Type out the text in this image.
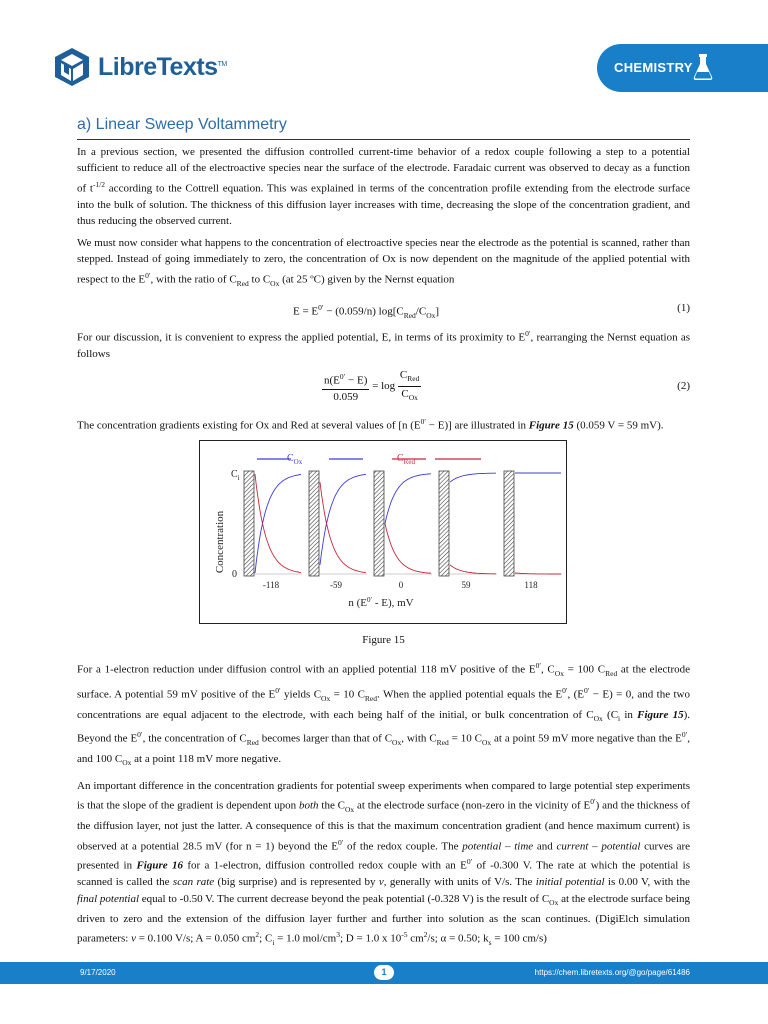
LibreTexts™	CHEMISTRY
a) Linear Sweep Voltammetry

In a previous section, we presented the diffusion controlled current-time behavior of a redox couple following a step to a potential sufficient to reduce all of the electroactive species near the surface of the electrode. Faradaic current was observed to decay as a function of $t^{-1/2}$ according to the Cottrell equation. This was explained in terms of the concentration profile extending from the electrode surface into the bulk of solution. The thickness of this diffusion layer increases with time, decreasing the slope of the concentration gradient, and thus reducing the observed current.

We must now consider what happens to the concentration of electroactive species near the electrode as the potential is scanned, rather than stepped. Instead of going immediately to zero, the concentration of Ox is now dependent on the magnitude of the applied potential with respect to the $E^{0'}$, with the ratio of $C_{Red}$ to $C_{Ox}$ (at 25 ºC) given by the Nernst equation

$E = E^{0'} - (0.059/n)$ $\log[C_{Red}/C_{Ox}]$	(1)

For our discussion, it is convenient to express the applied potential, E, in terms of its proximity to $E^{0'}$, rearranging the Nernst equation as follows

$\frac{n(E^{0'} - E)}{0.059} = \log \frac{C_{Red}}{C_{Ox}}$	(2)

The concentration gradients existing for Ox and Red at several values of [n $(E^{0'} - E)$] are illustrated in Figure 15 (0.059 V = 59 mV).

$C_{Ox}$	$C_{Red}$
Concentration
$C_i$
0
-118	-59	0	59	118
n $(E^{0'} - E)$, mV
Figure 15

For a 1-electron reduction under diffusion control with an applied potential 118 mV positive of the $E^{0'}$, $C_{Ox} = 100$ $C_{Red}$ at the electrode surface. A potential 59 mV positive of the $E^{0'}$ yields $C_{Ox} = 10$ $C_{Red}$. When the applied potential equals the $E^{0'}$, $(E^{0'} - E) = 0$, and the two concentrations are equal adjacent to the electrode, with each being half of the initial, or bulk concentration of $C_{Ox}$ ($C_i$ in Figure 15). Beyond the $E^{0'}$, the concentration of $C_{Red}$ becomes larger than that of $C_{Ox}$, with $C_{Red} = 10$ $C_{Ox}$ at a point 59 mV more negative than the $E^{0'}$, and 100 $C_{Ox}$ at a point 118 mV more negative.

An important difference in the concentration gradients for potential sweep experiments when compared to large potential step experiments is that the slope of the gradient is dependent upon both the $C_{Ox}$ at the electrode surface (non-zero in the vicinity of $E^{0'}$) and the thickness of the diffusion layer, not just the latter. A consequence of this is that the maximum concentration gradient (and hence maximum current) is observed at a potential 28.5 mV (for n = 1) beyond the $E^{0'}$ of the redox couple. The potential – time and current – potential curves are presented in Figure 16 for a 1-electron, diffusion controlled redox couple with an $E^{0'}$ of -0.300 V. The rate at which the potential is scanned is called the scan rate (big surprise) and is represented by v, generally with units of V/s. The initial potential is 0.00 V, with the final potential equal to -0.50 V. The current decrease beyond the peak potential (-0.328 V) is the result of $C_{Ox}$ at the electrode surface being driven to zero and the extension of the diffusion layer further and further into solution as the scan continues. (DigiElch simulation parameters: v = 0.100 V/s; A = 0.050 $cm^2$; $C_i = 1.0$ mol/$cm^3$; D = 1.0 x $10^{-5}$ $cm^2/s$; α = 0.50; $k_s = 100$ cm/s)

9/17/2020	1	https://chem.libretexts.org/@go/page/61486
